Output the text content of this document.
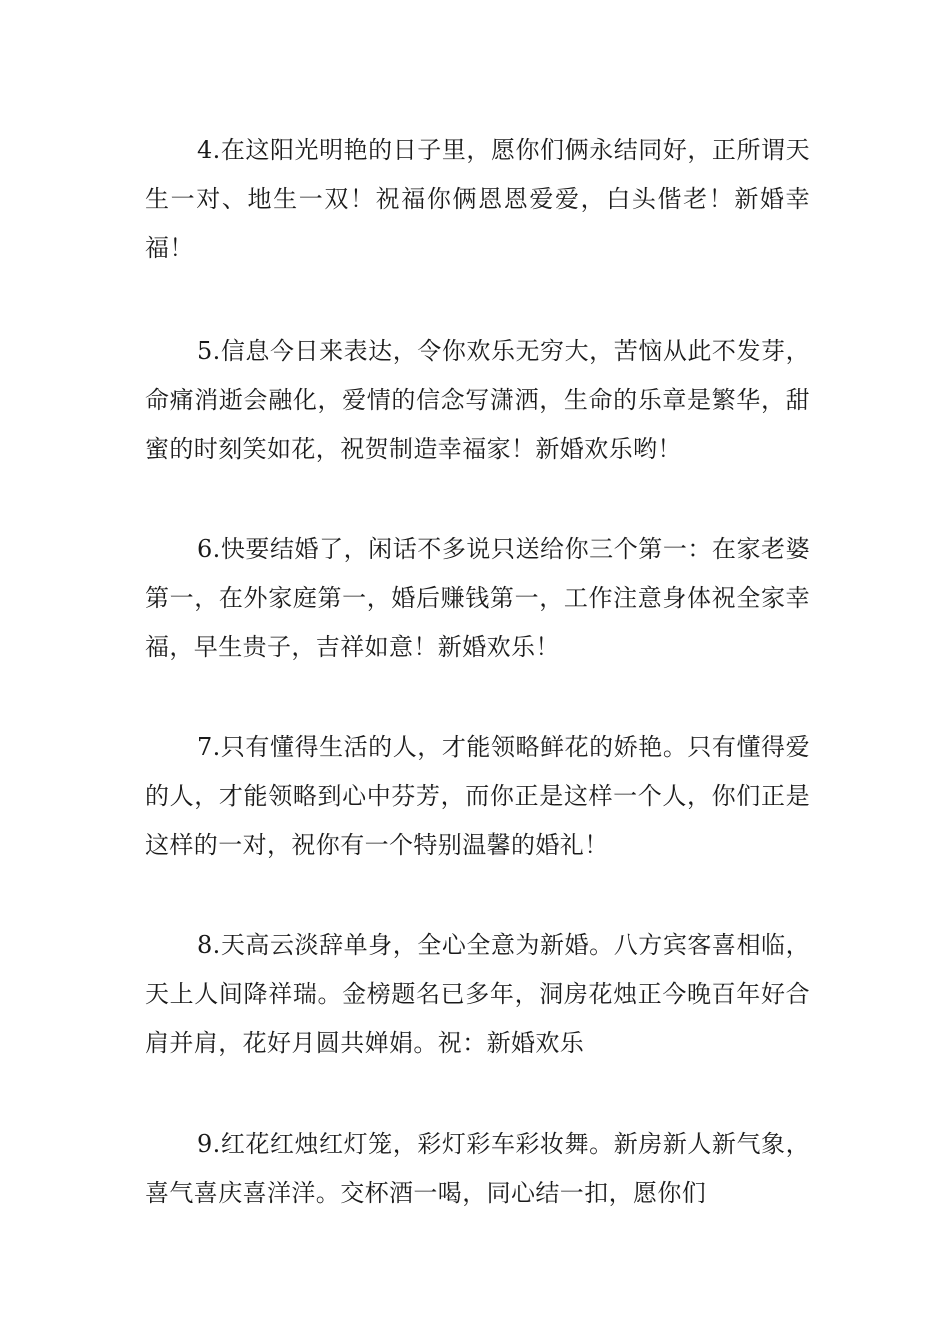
4.在这阳光明艳的日子里，愿你们俩永结同好，正所谓天生一对、地生一双！祝福你俩恩恩爱爱，白头偕老！新婚幸福！

5.信息今日来表达，令你欢乐无穷大，苦恼从此不发芽，命痛消逝会融化，爱情的信念写潇洒，生命的乐章是繁华，甜蜜的时刻笑如花，祝贺制造幸福家！新婚欢乐哟！

6.快要结婚了，闲话不多说只送给你三个第一：在家老婆第一，在外家庭第一，婚后赚钱第一，工作注意身体祝全家幸福，早生贵子，吉祥如意！新婚欢乐！

7.只有懂得生活的人，才能领略鲜花的娇艳。只有懂得爱的人，才能领略到心中芬芳，而你正是这样一个人，你们正是这样的一对，祝你有一个特别温馨的婚礼！

8.天高云淡辞单身，全心全意为新婚。八方宾客喜相临，天上人间降祥瑞。金榜题名已多年，洞房花烛正今晚百年好合肩并肩，花好月圆共婵娟。祝：新婚欢乐

9.红花红烛红灯笼，彩灯彩车彩妆舞。新房新人新气象，喜气喜庆喜洋洋。交杯酒一喝，同心结一扣，愿你们
